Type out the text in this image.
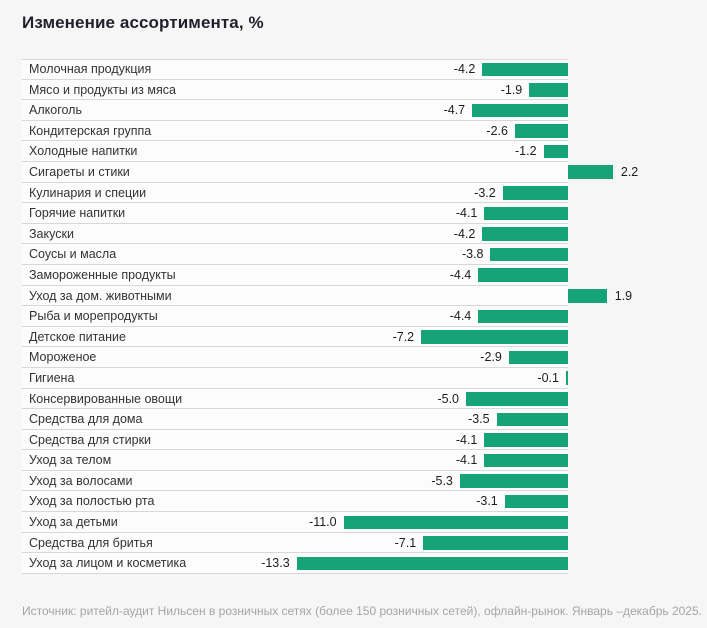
Изменение ассортимента, %
Молочная продукция	-4.2
Мясо и продукты из мяса	-1.9
Алкоголь	-4.7
Кондитерская группа	-2.6
Холодные напитки	-1.2
Сигареты и стики	2.2
Кулинария и специи	-3.2
Горячие напитки	-4.1
Закуски	-4.2
Соусы и масла	-3.8
Замороженные продукты	-4.4
Уход за дом. животными	1.9
Рыба и морепродукты	-4.4
Детское питание	-7.2
Мороженое	-2.9
Гигиена	-0.1
Консервированные овощи	-5.0
Средства для дома	-3.5
Средства для стирки	-4.1
Уход за телом	-4.1
Уход за волосами	-5.3
Уход за полостью рта	-3.1
Уход за детьми	-11.0
Средства для бритья	-7.1
Уход за лицом и косметика	-13.3
Источник: ритейл-аудит Нильсен в розничных сетях (более 150 розничных сетей), офлайн-рынок. Январь –декабрь 2025.
